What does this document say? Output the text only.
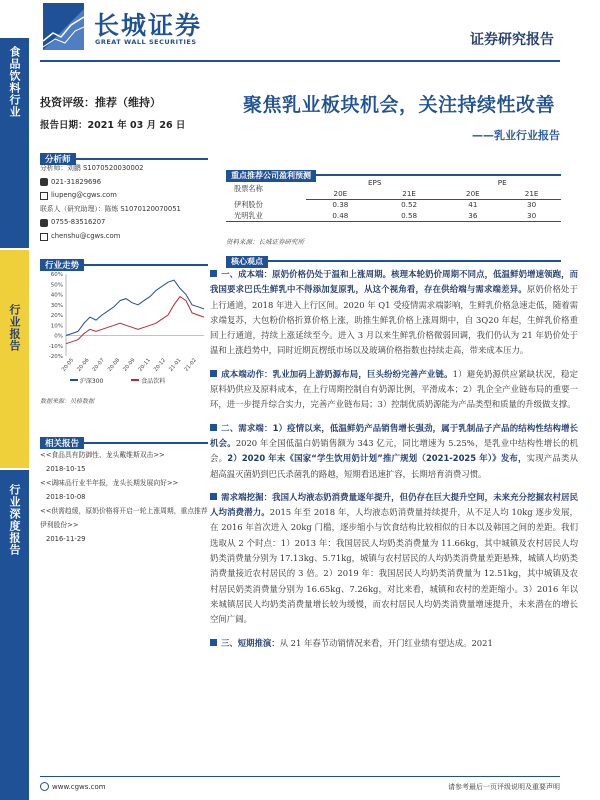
食品饮料行业
行业报告
行业深度报告
长城证券
GREAT WALL SECURITIES	证券研究报告
投资评级：推荐（维持）
报告日期：2021 年 03 月 26 日
分析师
分析师：刘鹏 S1070520030002
021-31829696
liupeng@cgws.com
联系人（研究助理）：陈炼 S1070120070051
0755-83516207
chenshu@cgws.com
行业走势
60%
50%
40%
30%
20%
10%
0%
-10%
-20%
20-05 20-06 20-07 20-08 20-09 20-11 20-12 21-01 21-02
沪深300	食品饮料
数据来源：贝格数据
相关报告
<<食品具有防御性、龙头戴维斯双击>>
2018-10-15
<<调味品行业半年报，龙头长期发展向好>>
2018-10-08
<<供需趋缓，原奶价格将开启一轮上涨周期，重点推荐伊利股份>>
2016-11-29
聚焦乳业板块机会，关注持续性改善
——乳业行业报告
重点推荐公司盈利预测
股票名称	EPS		PE	
	20E	21E	20E	21E
伊利股份	0.38	0.52	41	30
光明乳业	0.48	0.58	36	30
资料来源：长城证券研究所
核心观点

一、成本端：原奶价格仍处于温和上涨周期。核理本轮奶价周期不同点，低温鲜奶增速领跑，而我国要求巴氏生鲜乳中不得添加复原乳，从这个视角看，存在供给端与需求端差异。原奶价格处于上行通道，2018 年进入上行区间。2020 年 Q1 受疫情需求端影响，生鲜乳价格急速走低，随着需求端复苏，大包粉价格折算价格上涨，助推生鲜乳价格上涨周期中，自 3Q20 年起，生鲜乳价格重回上行通道，持续上涨延续至今。进入 3 月以来生鲜乳价格微弱回调，我们仍认为 21 年奶价处于温和上涨趋势中，同时近期瓦楞纸市场以及玻璃价格指数也持续走高，带来成本压力。

成本端动作：乳业加码上游奶源布局，巨头纷纷完善产业链。1）避免奶源供应紧缺状况，稳定原料奶供应及原料成本，在上行周期控制自有奶源比例，平滑成本；2）乳企全产业链布局的重要一环，进一步提升综合实力，完善产业链布局；3）控制优质奶源能为产品类型和质量的升级做支撑。

二、需求端：1）疫情以来，低温鲜奶产品销售增长强劲，属于乳制品子产品的结构性结构增长机会。2020 年全国低温白奶销售额为 343 亿元，同比增速为 5.25%，是乳业中结构性增长的机会。2）2020 年末《国家“学生饮用奶计划”推广规划（2021-2025 年）》发布，实现产品类从超高温灭菌奶到巴氏杀菌乳的路越，短期看迅速扩容，长期培育消费习惯。

需求端挖掘：我国人均液态奶消费量逐年提升，但仍存在巨大提升空间，未来充分挖掘农村居民人均消费潜力。2015 年至 2018 年，人均液态奶消费量持续提升，从不足人均 10kg 逐步发展，在 2016 年首次进入 20kg 门槛，逐步缩小与饮食结构比较相似的日本以及韩国之间的差距。我们选取从 2 个时点：1）2013 年：我国居民人均奶类消费量为 11.66kg，其中城镇及农村居民人均奶类消费量分别为 17.13kg、5.71kg，城镇与农村居民的人均奶类消费量差距悬殊，城镇人均奶类消费量接近农村居民的 3 倍。2）2019 年：我国居民人均奶类消费量为 12.51kg，其中城镇及农村居民奶类消费量分别为 16.65kg、7.26kg，对比来看，城镇和农村的差距缩小。3）2016 年以来城镇居民人均奶类消费量增长较为缓慢，而农村居民人均奶类消费量增速提升，未来潜在的增长空间广阔。

三、短期推演：从 21 年春节动销情况来看，开门红业绩有望达成。2021

www.cgws.com	请参考最后一页评级说明及重要声明
